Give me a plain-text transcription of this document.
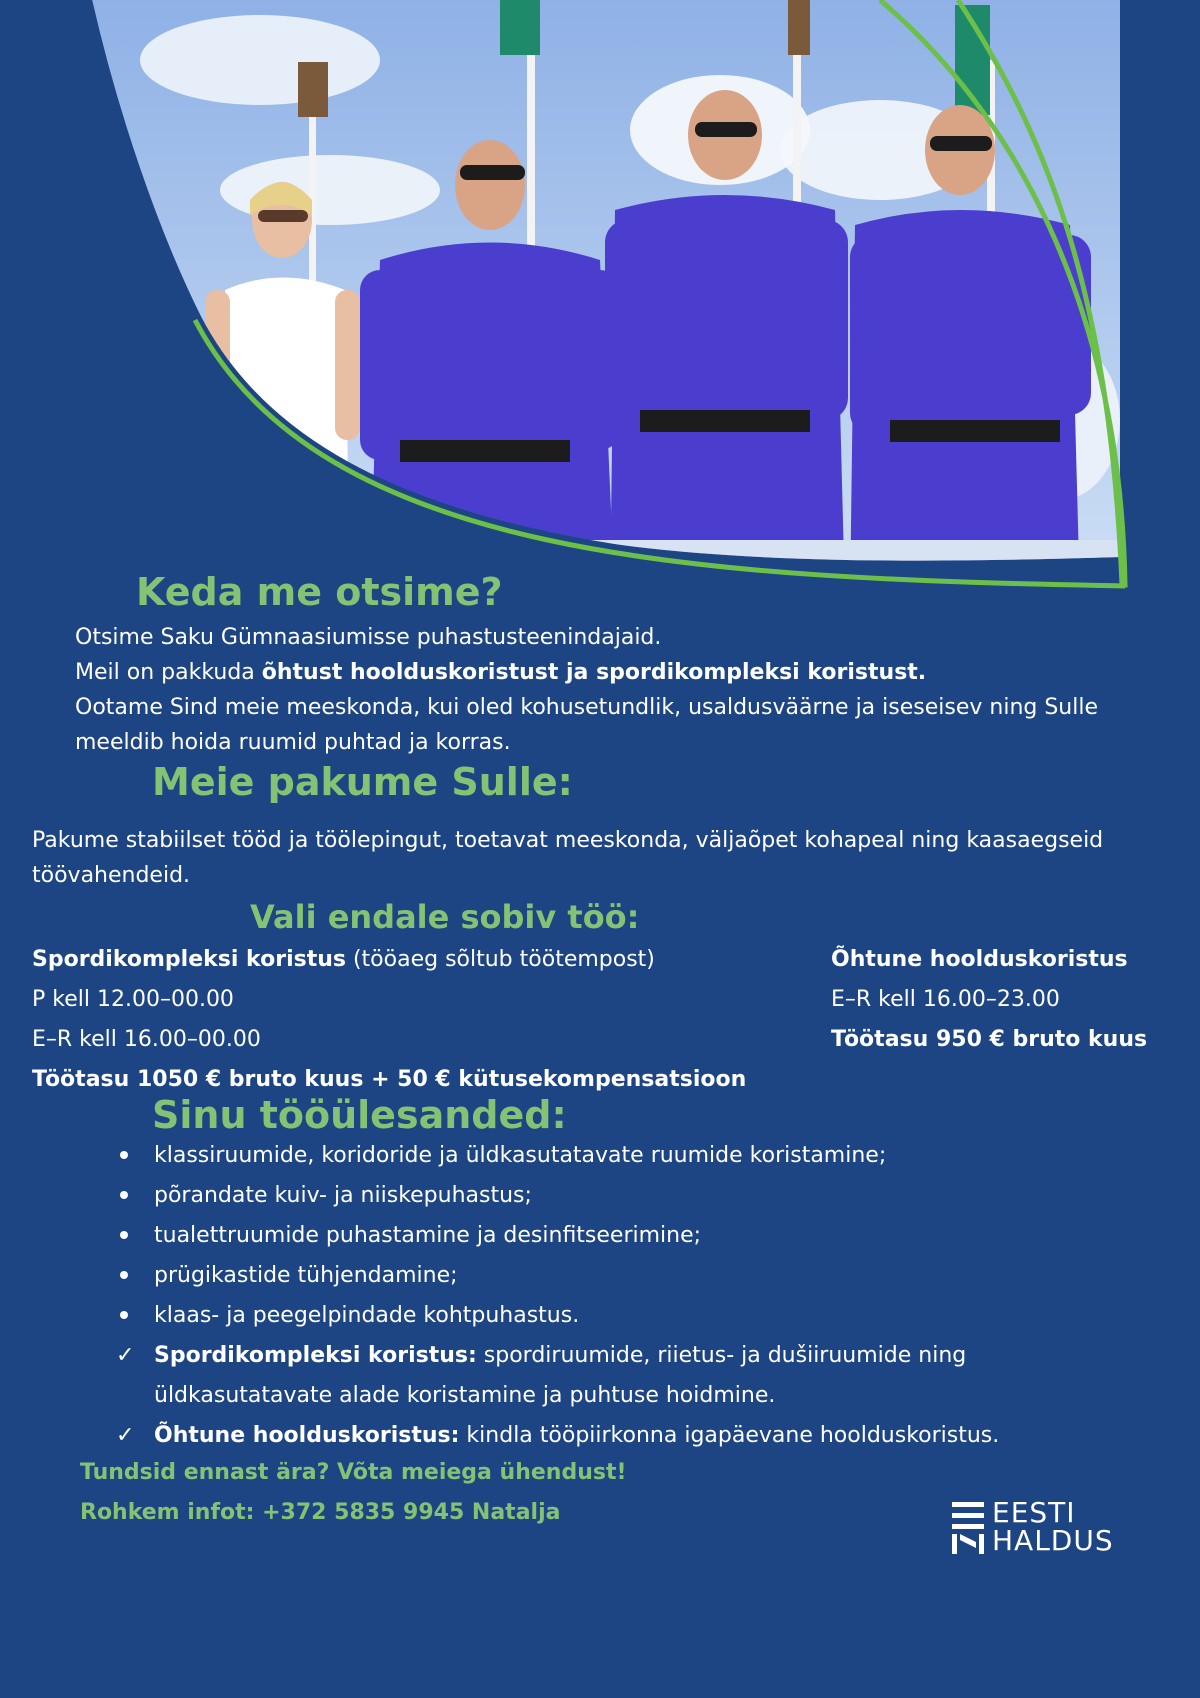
Keda me otsime?

Otsime Saku Gümnaasiumisse puhastusteenindajaid.

Meil on pakkuda õhtust hoolduskoristust ja spordikompleksi koristust.

Ootame Sind meie meeskonda, kui oled kohusetundlik, usaldusväärne ja iseseisev ning Sulle

meeldib hoida ruumid puhtad ja korras.

Meie pakume Sulle:

Pakume stabiilset tööd ja töölepingut, toetavat meeskonda, väljaõpet kohapeal ning kaasaegseid

töövahendeid.

Vali endale sobiv töö:

Spordikompleksi koristus (tööaeg sõltub töötempost)

P kell 12.00–00.00

E–R kell 16.00–00.00

Töötasu 1050 € bruto kuus + 50 € kütusekompensatsioon

Õhtune hoolduskoristus

E–R kell 16.00–23.00

Töötasu 950 € bruto kuus

Sinu tööülesanded:
klassiruumide, koridoride ja üldkasutatavate ruumide koristamine;
põrandate kuiv- ja niiskepuhastus;
tualettruumide puhastamine ja desinfitseerimine;
prügikastide tühjendamine;
klaas- ja peegelpindade kohtpuhastus.
✓ Spordikompleksi koristus: spordiruumide, riietus- ja dušiiruumide ning
üldkasutatavate alade koristamine ja puhtuse hoidmine.
✓ Õhtune hoolduskoristus: kindla tööpiirkonna igapäevane hoolduskoristus.

Tundsid ennast ära? Võta meiega ühendust!

Rohkem infot: +372 5835 9945 Natalja	EESTI
HALDUS
